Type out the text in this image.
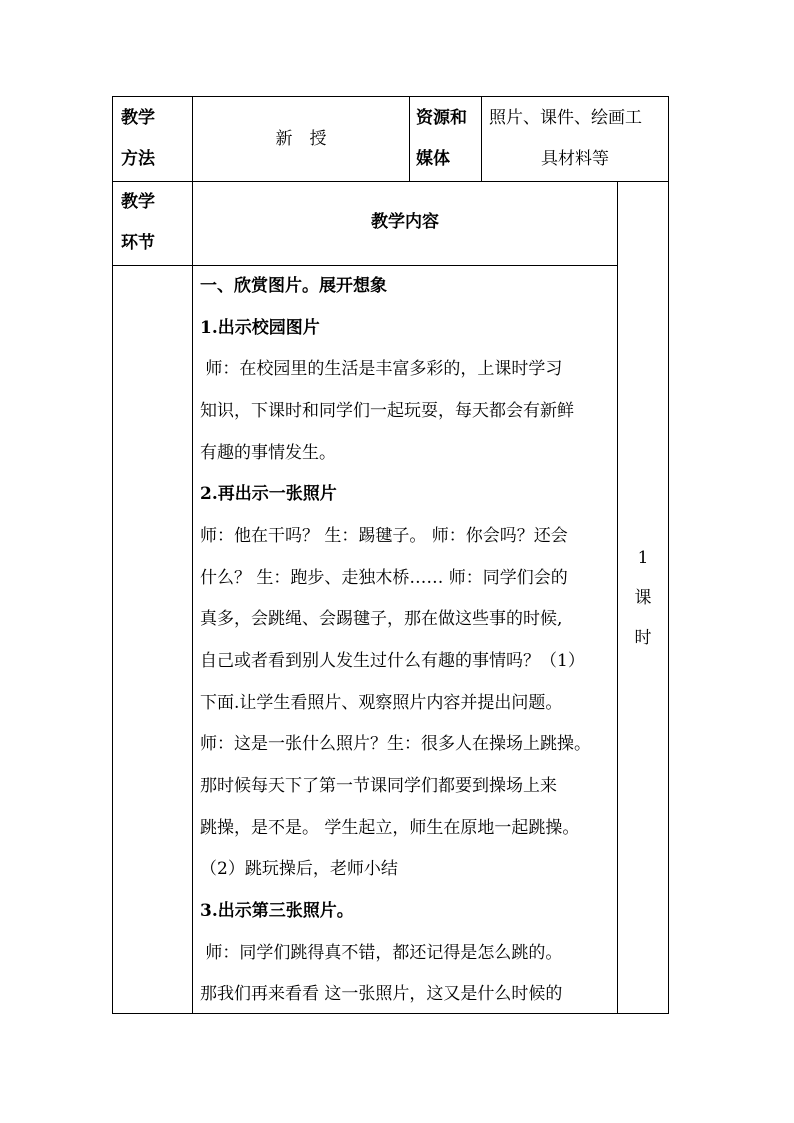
教学
方法
新　授
资源和
媒体
照片、课件、绘画工
具材料等
教学
环节
教学内容
1
课
时
一、欣赏图片。展开想象
1.出示校园图片
师：在校园里的生活是丰富多彩的，上课时学习
知识，下课时和同学们一起玩耍，每天都会有新鲜
有趣的事情发生。
2.再出示一张照片
师：他在干吗？ 生：踢毽子。 师：你会吗？还会
什么？ 生：跑步、走独木桥…… 师：同学们会的
真多，会跳绳、会踢毽子，那在做这些事的时候,
自己或者看到别人发生过什么有趣的事情吗？（1）
下面.让学生看照片、观察照片内容并提出问题。
师：这是一张什么照片？生：很多人在操场上跳操。
那时候每天下了第一节课同学们都要到操场上来
跳操，是不是。 学生起立，师生在原地一起跳操。
（2）跳玩操后，老师小结
3.出示第三张照片。
师：同学们跳得真不错，都还记得是怎么跳的。
那我们再来看看 这一张照片，这又是什么时候的
